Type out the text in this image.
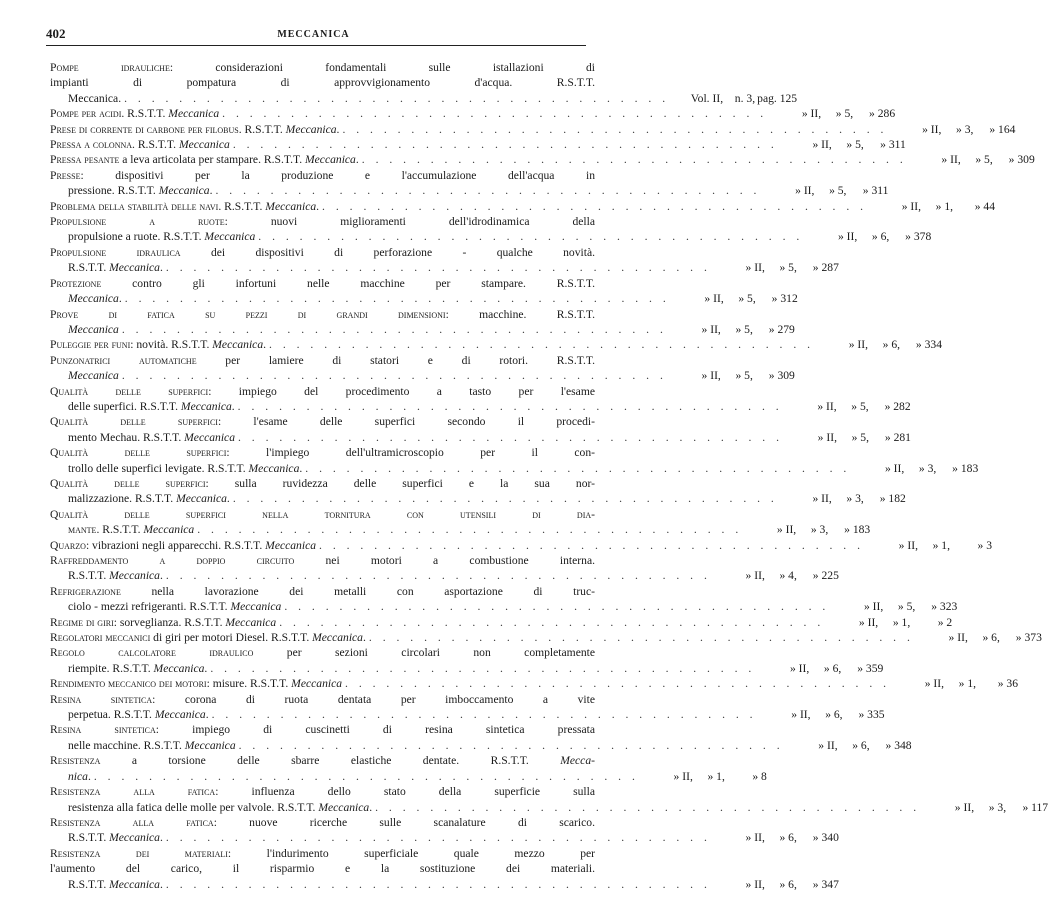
402	MECCANICA
Pompe idrauliche: considerazioni fondamentali sulle istallazioni di
impianti di pompatura di approvvigionamento d'acqua. R.S.T.T.
Meccanica. . . . . . . . . . . . . . . . . . . . . . . . . . . . . . . . . . . . . . . . .	Vol. II,	n. 3, pag. 125
Pompe per acidi. R.S.T.T. Meccanica . . . . . . . . . . . . . . . . . . . . . . . . . . . . . . . . . . . . . . . .	» II,	» 5,	» 286
Prese di corrente di carbone per filobus. R.S.T.T. Meccanica. . . . . . . . . . . . . . . . . . . . . . . . . . . . . . . . . . . . . . . . .	» II,	» 3,	» 164
Pressa a colonna. R.S.T.T. Meccanica . . . . . . . . . . . . . . . . . . . . . . . . . . . . . . . . . . . . . . . .	» II,	» 5,	» 311
Pressa pesante a leva articolata per stampare. R.S.T.T. Meccanica. . . . . . . . . . . . . . . . . . . . . . . . . . . . . . . . . . . . . . . . .	» II,	» 5,	» 309
Presse: dispositivi per la produzione e l'accumulazione dell'acqua in
pressione. R.S.T.T. Meccanica. . . . . . . . . . . . . . . . . . . . . . . . . . . . . . . . . . . . . . . . .	» II,	» 5,	» 311
Problema della stabilità delle navi. R.S.T.T. Meccanica. . . . . . . . . . . . . . . . . . . . . . . . . . . . . . . . . . . . . . . . .	» II,	» 1,	» 44
Propulsione a ruote: nuovi miglioramenti dell'idrodinamica della
propulsione a ruote. R.S.T.T. Meccanica . . . . . . . . . . . . . . . . . . . . . . . . . . . . . . . . . . . . . . . .	» II,	» 6,	» 378
Propulsione idraulica dei dispositivi di perforazione - qualche novità.
R.S.T.T. Meccanica. . . . . . . . . . . . . . . . . . . . . . . . . . . . . . . . . . . . . . . . .	» II,	» 5,	» 287
Protezione contro gli infortuni nelle macchine per stampare. R.S.T.T.
Meccanica. . . . . . . . . . . . . . . . . . . . . . . . . . . . . . . . . . . . . . . . .	» II,	» 5,	» 312
Prove di fatica su pezzi di grandi dimensioni: macchine. R.S.T.T.
Meccanica . . . . . . . . . . . . . . . . . . . . . . . . . . . . . . . . . . . . . . . .	» II,	» 5,	» 279
Puleggie per funi: novità. R.S.T.T. Meccanica. . . . . . . . . . . . . . . . . . . . . . . . . . . . . . . . . . . . . . . . .	» II,	» 6,	» 334
Punzonatrici automatiche per lamiere di statori e di rotori. R.S.T.T.
Meccanica . . . . . . . . . . . . . . . . . . . . . . . . . . . . . . . . . . . . . . . .	» II,	» 5,	» 309
Qualità delle superfici: impiego del procedimento a tasto per l'esame
delle superfici. R.S.T.T. Meccanica. . . . . . . . . . . . . . . . . . . . . . . . . . . . . . . . . . . . . . . . .	» II,	» 5,	» 282
Qualità delle superfici: l'esame delle superfici secondo il procedi-
mento Mechau. R.S.T.T. Meccanica . . . . . . . . . . . . . . . . . . . . . . . . . . . . . . . . . . . . . . . .	» II,	» 5,	» 281
Qualità delle superfici: l'impiego dell'ultramicroscopio per il con-
trollo delle superfici levigate. R.S.T.T. Meccanica. . . . . . . . . . . . . . . . . . . . . . . . . . . . . . . . . . . . . . . . .	» II,	» 3,	» 183
Qualità delle superfici: sulla ruvidezza delle superfici e la sua nor-
malizzazione. R.S.T.T. Meccanica. . . . . . . . . . . . . . . . . . . . . . . . . . . . . . . . . . . . . . . . .	» II,	» 3,	» 182
Qualità delle superfici nella tornitura con utensili di dia-
mante. R.S.T.T. Meccanica . . . . . . . . . . . . . . . . . . . . . . . . . . . . . . . . . . . . . . . .	» II,	» 3,	» 183
Quarzo: vibrazioni negli apparecchi. R.S.T.T. Meccanica . . . . . . . . . . . . . . . . . . . . . . . . . . . . . . . . . . . . . . . .	» II,	» 1,	» 3
Raffreddamento a doppio circuito nei motori a combustione interna.
R.S.T.T. Meccanica. . . . . . . . . . . . . . . . . . . . . . . . . . . . . . . . . . . . . . . . .	» II,	» 4,	» 225
Refrigerazione nella lavorazione dei metalli con asportazione di truc-
ciolo - mezzi refrigeranti. R.S.T.T. Meccanica . . . . . . . . . . . . . . . . . . . . . . . . . . . . . . . . . . . . . . . .	» II,	» 5,	» 323
Regime di giri: sorveglianza. R.S.T.T. Meccanica . . . . . . . . . . . . . . . . . . . . . . . . . . . . . . . . . . . . . . . .	» II,	» 1,	» 2
Regolatori meccanici di giri per motori Diesel. R.S.T.T. Meccanica. . . . . . . . . . . . . . . . . . . . . . . . . . . . . . . . . . . . . . . . .	» II,	» 6,	» 373
Regolo calcolatore idraulico per sezioni circolari non completamente
riempite. R.S.T.T. Meccanica. . . . . . . . . . . . . . . . . . . . . . . . . . . . . . . . . . . . . . . . .	» II,	» 6,	» 359
Rendimento meccanico dei motori: misure. R.S.T.T. Meccanica . . . . . . . . . . . . . . . . . . . . . . . . . . . . . . . . . . . . . . . .	» II,	» 1,	» 36
Resina sintetica: corona di ruota dentata per imboccamento a vite
perpetua. R.S.T.T. Meccanica. . . . . . . . . . . . . . . . . . . . . . . . . . . . . . . . . . . . . . . . .	» II,	» 6,	» 335
Resina sintetica: impiego di cuscinetti di resina sintetica pressata
nelle macchine. R.S.T.T. Meccanica . . . . . . . . . . . . . . . . . . . . . . . . . . . . . . . . . . . . . . . .	» II,	» 6,	» 348
Resistenza a torsione delle sbarre elastiche dentate. R.S.T.T. Mecca-
nica. . . . . . . . . . . . . . . . . . . . . . . . . . . . . . . . . . . . . . . . .	» II,	» 1,	» 8
Resistenza alla fatica: influenza dello stato della superficie sulla
resistenza alla fatica delle molle per valvole. R.S.T.T. Meccanica. . . . . . . . . . . . . . . . . . . . . . . . . . . . . . . . . . . . . . . . .	» II,	» 3,	» 117
Resistenza alla fatica: nuove ricerche sulle scanalature di scarico.
R.S.T.T. Meccanica. . . . . . . . . . . . . . . . . . . . . . . . . . . . . . . . . . . . . . . . .	» II,	» 6,	» 340
Resistenza dei materiali: l'indurimento superficiale quale mezzo per
l'aumento del carico, il risparmio e la sostituzione dei materiali.
R.S.T.T. Meccanica. . . . . . . . . . . . . . . . . . . . . . . . . . . . . . . . . . . . . . . . .	» II,	» 6,	» 347
